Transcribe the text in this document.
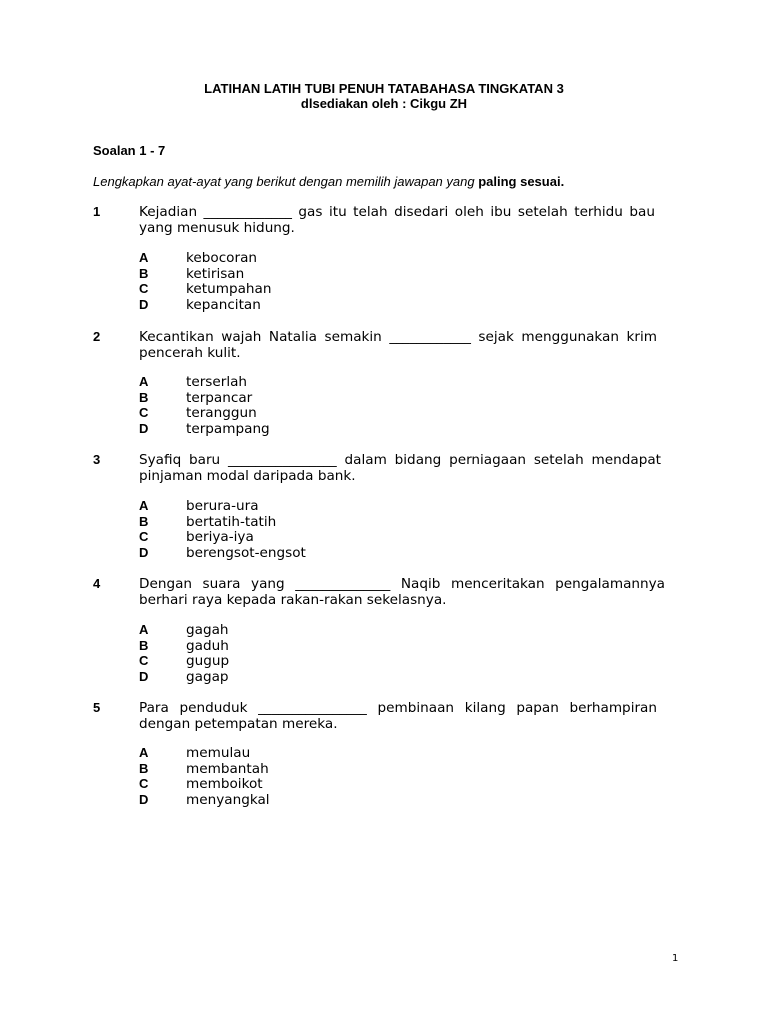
LATIHAN LATIH TUBI PENUH TATABAHASA TINGKATAN 3
dlsediakan oleh : Cikgu ZH
Soalan 1 - 7
Lengkapkan ayat-ayat yang berikut dengan memilih jawapan yang paling sesuai.
1	Kejadian _____________ gas itu telah disedari oleh ibu setelah terhidu bau yang menusuk hidung.
A	kebocoran
B	ketirisan
C	ketumpahan
D	kepancitan
2	Kecantikan wajah Natalia semakin ____________ sejak menggunakan krim pencerah kulit.
A	terserlah
B	terpancar
C	teranggun
D	terpampang
3	Syafiq baru ________________ dalam bidang perniagaan setelah mendapat pinjaman modal daripada bank.
A	berura-ura
B	bertatih-tatih
C	beriya-iya
D	berengsot-engsot
4	Dengan suara yang ______________ Naqib menceritakan pengalamannya berhari raya kepada rakan-rakan sekelasnya.
A	gagah
B	gaduh
C	gugup
D	gagap
5	Para penduduk ________________ pembinaan kilang papan berhampiran dengan petempatan mereka.
A	memulau
B	membantah
C	memboikot
D	menyangkal
1
